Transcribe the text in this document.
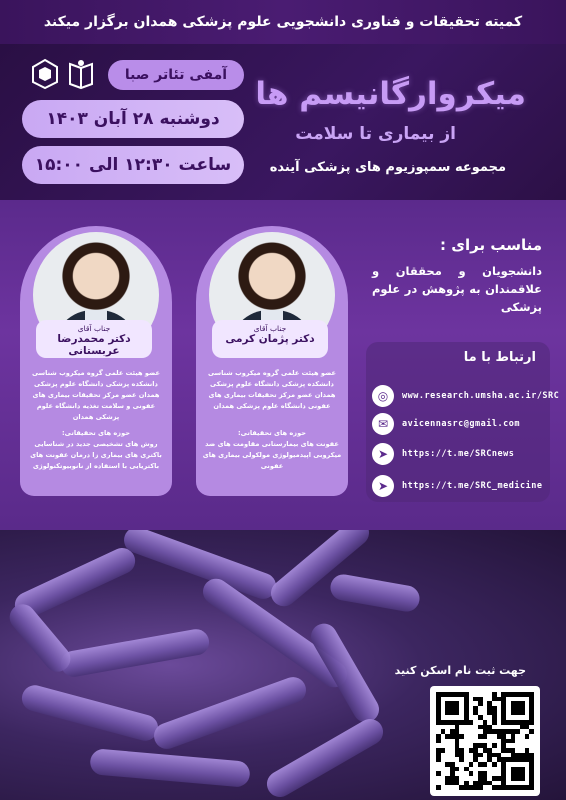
کمیته تحقیقات و فناوری دانشجویی علوم پزشکی همدان برگزار میکند
آمفی تئاتر صبا
دوشنبه ۲۸ آبان ۱۴۰۳
ساعت ۱۲:۳۰ الی ۱۵:۰۰
میکروارگانیسم ها
از بیماری تا سلامت
مجموعه سمپوزیوم های پزشکی آینده
مناسب برای :
دانشجویان و محققان و علاقمندان به پژوهش در علوم پزشکی
جناب آقای
دکتر پژمان کرمی
عضو هیئت علمی گروه میکروب شناسی دانشکده پزشکی دانشگاه علوم پزشکی همدان عضو مرکز تحقیقات بیماری های عفونی دانشگاه علوم پزشکی همدان
حوزه های تحقیقاتی:
عفونت های بیمارستانی مقاومت های ضد میکروبی اپیدمیولوژی مولکولی بیماری های عفونی
جناب آقای
دکتر محمدرضا عربستانی
عضو هیئت علمی گروه میکروب شناسی دانشکده پزشکی دانشگاه علوم پزشکی همدان عضو مرکز تحقیقات بیماری های عفونی و سلامت تغذیه دانشگاه علوم پزشکی همدان
حوزه های تحقیقاتی:
روش های تشخیصی جدید در شناسایی باکتری های بیماری زا درمان عفونت های باکتریایی با استفاده از نانوبیوتکنولوژی
ارتباط با ما
◎	www.research.umsha.ac.ir/SRC
✉	avicennasrc@gmail.com
➤	https://t.me/SRCnews
➤	https://t.me/SRC_medicine
جهت ثبت نام اسکن کنید
